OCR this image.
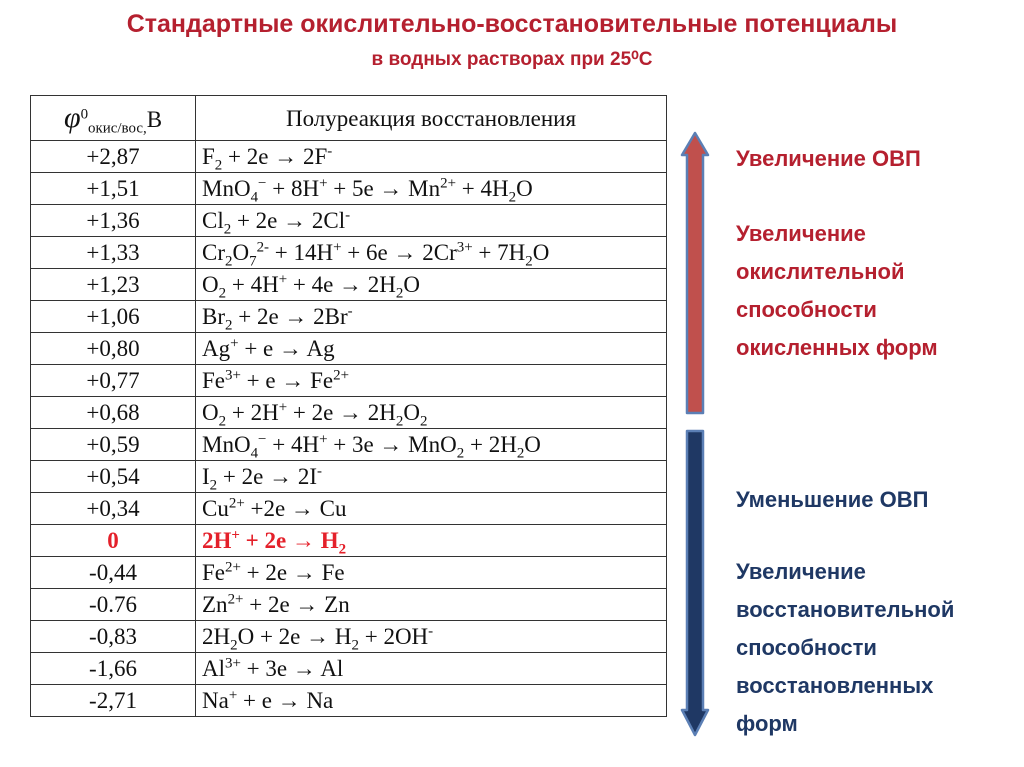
Стандартные окислительно-восстановительные потенциалы
в водных растворах при 25⁰С
$\varphi^0_{окис/вос,}В$	Полуреакция восстановления
+2,87	$F_2 + 2e \to 2F^-$
+1,51	$MnO_4^- + 8H^+ + 5e \to Mn^{2+} + 4H_2O$
+1,36	$Cl_2 + 2e \to 2Cl^-$
+1,33	$Cr_2O_7^{2-} + 14H^+ + 6e \to 2Cr^{3+} + 7H_2O$
+1,23	$O_2 + 4H^+ + 4e \to 2H_2O$
+1,06	$Br_2 + 2e \to 2Br^-$
+0,80	Ag+ + e → Ag
+0,77	$Fe^{3+} + e \to Fe^{2+}$
+0,68	$O_2 + 2H^+ + 2e \to 2H_2O_2$
+0,59	$MnO_4^- + 4H^+ + 3e \to MnO_2 + 2H_2O$
+0,54	$I_2 + 2e \to 2I^-$
+0,34	$Cu^{2+} +2e \to Cu$
0	$2H^+ + 2e \to H_2$
-0,44	$Fe^{2+} + 2e \to Fe$
-0.76	$Zn^{2+} + 2e \to Zn$
-0,83	$2H_2O + 2e \to H_2 + 2OH^-$
-1,66	$Al^{3+} + 3e \to Al$
-2,71	Na+ + e → Na
Увеличение ОВП
Увеличение
окислительной
способности
окисленных форм
Уменьшение ОВП
Увеличение
восстановительной
способности
восстановленных
форм
